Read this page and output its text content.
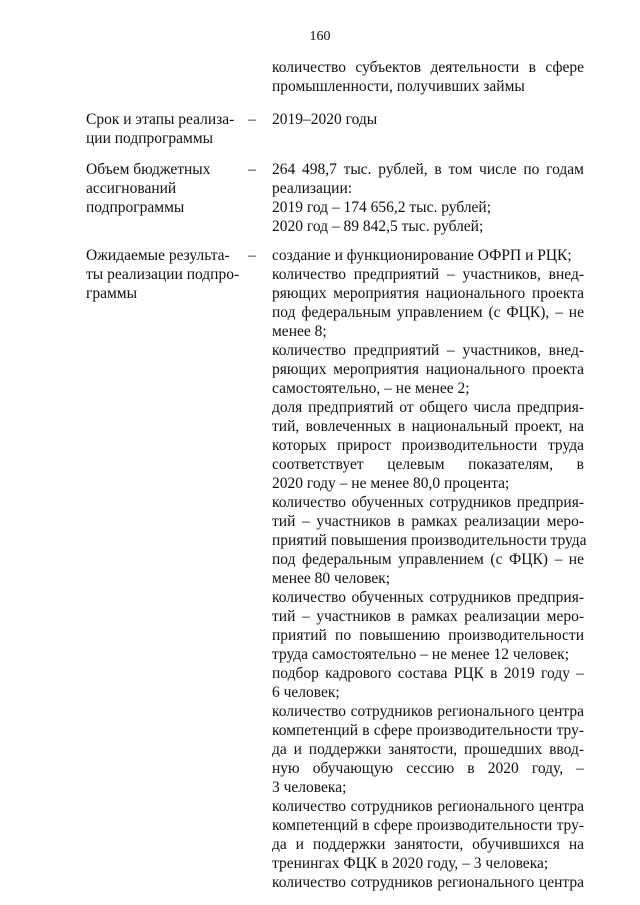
160
количество субъектов деятельности в сфере
промышленности, получивших займы
Срок и этапы реализа-
ции подпрограммы
– 2019–2020 годы
Объем бюджетных
ассигнований
подпрограммы
– 264 498,7 тыс. рублей, в том числе по годам
реализации:
2019 год – 174 656,2 тыс. рублей;
2020 год – 89 842,5 тыс. рублей;
Ожидаемые результа-
ты реализации подпро-
граммы
– создание и функционирование ОФРП и РЦК;
количество предприятий – участников, внед-
ряющих мероприятия национального проекта
под федеральным управлением (с ФЦК), – не
менее 8;
количество предприятий – участников, внед-
ряющих мероприятия национального проекта
самостоятельно, – не менее 2;
доля предприятий от общего числа предприя-
тий, вовлеченных в национальный проект, на
которых прирост производительности труда
соответствует целевым показателям, в
2020 году – не менее 80,0 процента;
количество обученных сотрудников предприя-
тий – участников в рамках реализации меро-
приятий повышения производительности труда
под федеральным управлением (с ФЦК) – не
менее 80 человек;
количество обученных сотрудников предприя-
тий – участников в рамках реализации меро-
приятий по повышению производительности
труда самостоятельно – не менее 12 человек;
подбор кадрового состава РЦК в 2019 году –
6 человек;
количество сотрудников регионального центра
компетенций в сфере производительности тру-
да и поддержки занятости, прошедших ввод-
ную обучающую сессию в 2020 году, –
3 человека;
количество сотрудников регионального центра
компетенций в сфере производительности тру-
да и поддержки занятости, обучившихся на
тренингах ФЦК в 2020 году, – 3 человека;
количество сотрудников регионального центра
